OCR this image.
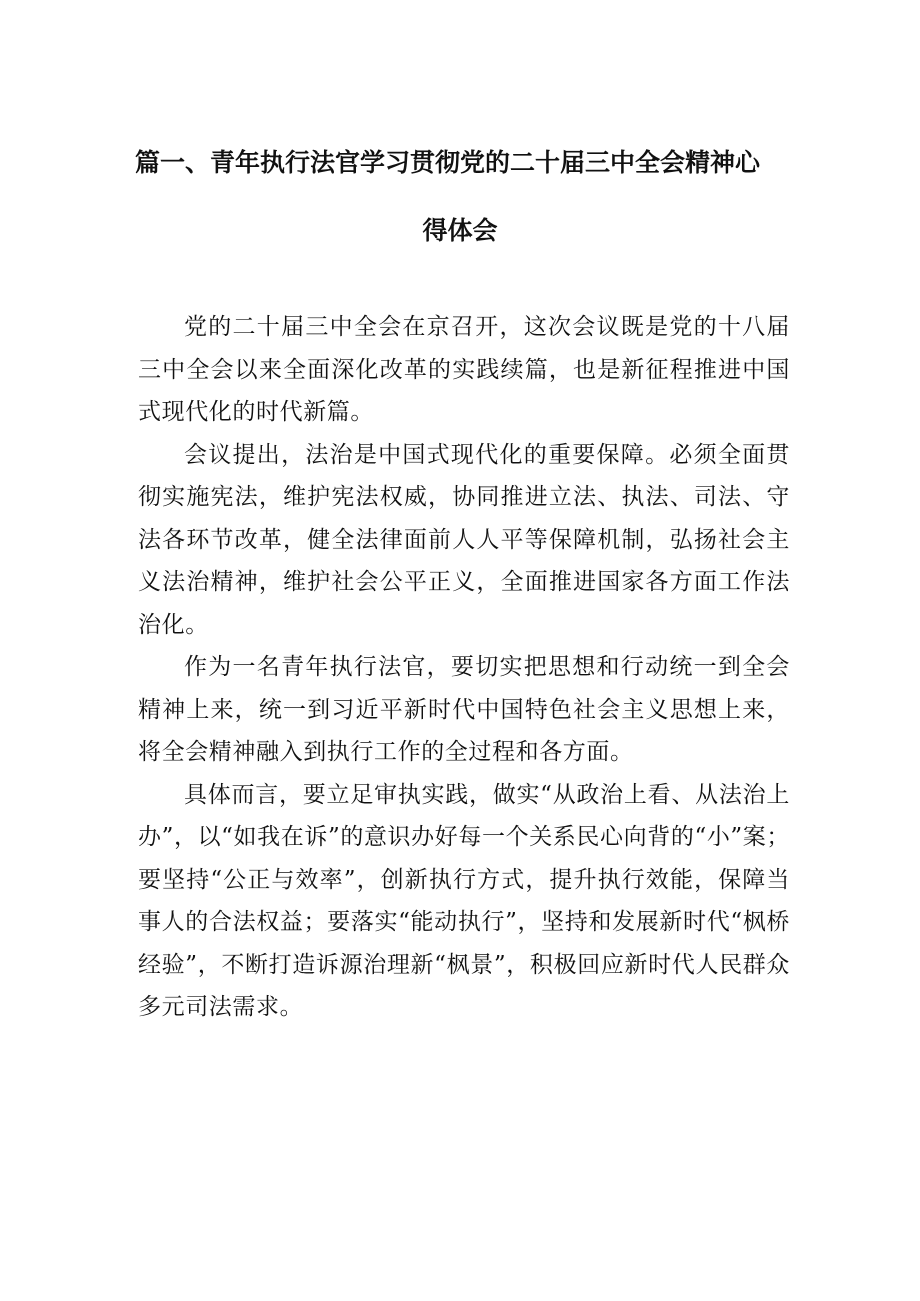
篇一、青年执行法官学习贯彻党的二十届三中全会精神心
得体会

党的二十届三中全会在京召开，这次会议既是党的十八届三中全会以来全面深化改革的实践续篇，也是新征程推进中国式现代化的时代新篇。

会议提出，法治是中国式现代化的重要保障。必须全面贯彻实施宪法，维护宪法权威，协同推进立法、执法、司法、守法各环节改革，健全法律面前人人平等保障机制，弘扬社会主义法治精神，维护社会公平正义，全面推进国家各方面工作法治化。

作为一名青年执行法官，要切实把思想和行动统一到全会精神上来，统一到习近平新时代中国特色社会主义思想上来，将全会精神融入到执行工作的全过程和各方面。

具体而言，要立足审执实践，做实“从政治上看、从法治上办”，以“如我在诉”的意识办好每一个关系民心向背的“小”案；要坚持“公正与效率”，创新执行方式，提升执行效能，保障当事人的合法权益；要落实“能动执行”，坚持和发展新时代“枫桥经验”，不断打造诉源治理新“枫景”，积极回应新时代人民群众多元司法需求。
